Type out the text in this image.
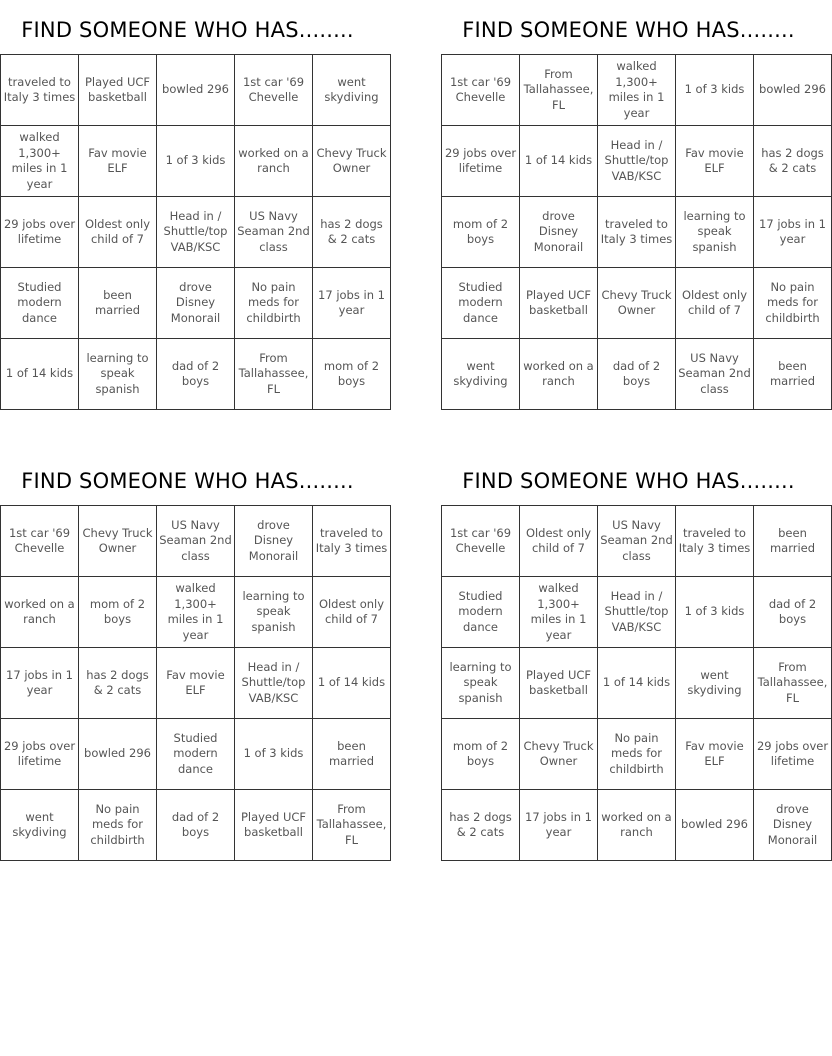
FIND SOMEONE WHO HAS........
traveled to Italy 3 times	Played UCF basketball	bowled 296	1st car '69 Chevelle	went skydiving
walked 1,300+ miles in 1 year	Fav movie ELF	1 of 3 kids	worked on a ranch	Chevy Truck Owner
29 jobs over lifetime	Oldest only child of 7	Head in / Shuttle/top VAB/KSC	US Navy Seaman 2nd class	has 2 dogs & 2 cats
Studied modern dance	been married	drove Disney Monorail	No pain meds for childbirth	17 jobs in 1 year
1 of 14 kids	learning to speak spanish	dad of 2 boys	From Tallahassee, FL	mom of 2 boys
FIND SOMEONE WHO HAS........
1st car '69 Chevelle	From Tallahassee, FL	walked 1,300+ miles in 1 year	1 of 3 kids	bowled 296
29 jobs over lifetime	1 of 14 kids	Head in / Shuttle/top VAB/KSC	Fav movie ELF	has 2 dogs & 2 cats
mom of 2 boys	drove Disney Monorail	traveled to Italy 3 times	learning to speak spanish	17 jobs in 1 year
Studied modern dance	Played UCF basketball	Chevy Truck Owner	Oldest only child of 7	No pain meds for childbirth
went skydiving	worked on a ranch	dad of 2 boys	US Navy Seaman 2nd class	been married
FIND SOMEONE WHO HAS........
1st car '69 Chevelle	Chevy Truck Owner	US Navy Seaman 2nd class	drove Disney Monorail	traveled to Italy 3 times
worked on a ranch	mom of 2 boys	walked 1,300+ miles in 1 year	learning to speak spanish	Oldest only child of 7
17 jobs in 1 year	has 2 dogs & 2 cats	Fav movie ELF	Head in / Shuttle/top VAB/KSC	1 of 14 kids
29 jobs over lifetime	bowled 296	Studied modern dance	1 of 3 kids	been married
went skydiving	No pain meds for childbirth	dad of 2 boys	Played UCF basketball	From Tallahassee, FL
FIND SOMEONE WHO HAS........
1st car '69 Chevelle	Oldest only child of 7	US Navy Seaman 2nd class	traveled to Italy 3 times	been married
Studied modern dance	walked 1,300+ miles in 1 year	Head in / Shuttle/top VAB/KSC	1 of 3 kids	dad of 2 boys
learning to speak spanish	Played UCF basketball	1 of 14 kids	went skydiving	From Tallahassee, FL
mom of 2 boys	Chevy Truck Owner	No pain meds for childbirth	Fav movie ELF	29 jobs over lifetime
has 2 dogs & 2 cats	17 jobs in 1 year	worked on a ranch	bowled 296	drove Disney Monorail
